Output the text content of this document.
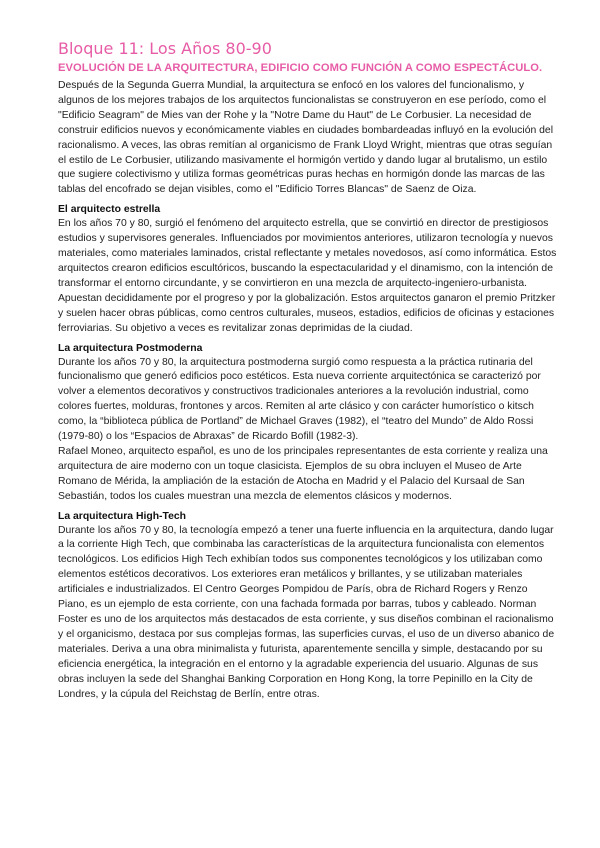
Bloque 11: Los Años 80-90
EVOLUCIÓN DE LA ARQUITECTURA, EDIFICIO COMO FUNCIÓN A COMO ESPECTÁCULO.

Después de la Segunda Guerra Mundial, la arquitectura se enfocó en los valores del funcionalismo, y algunos de los mejores trabajos de los arquitectos funcionalistas se construyeron en ese período, como el "Edificio Seagram" de Mies van der Rohe y la "Notre Dame du Haut" de Le Corbusier. La necesidad de construir edificios nuevos y económicamente viables en ciudades bombardeadas influyó en la evolución del racionalismo. A veces, las obras remitían al organicismo de Frank Lloyd Wright, mientras que otras seguían el estilo de Le Corbusier, utilizando masivamente el hormigón vertido y dando lugar al brutalismo, un estilo que sugiere colectivismo y utiliza formas geométricas puras hechas en hormigón donde las marcas de las tablas del encofrado se dejan visibles, como el "Edificio Torres Blancas" de Saenz de Oiza.

El arquitecto estrella

En los años 70 y 80, surgió el fenómeno del arquitecto estrella, que se convirtió en director de prestigiosos estudios y supervisores generales. Influenciados por movimientos anteriores, utilizaron tecnología y nuevos materiales, como materiales laminados, cristal reflectante y metales novedosos, así como informática. Estos arquitectos crearon edificios escultóricos, buscando la espectacularidad y el dinamismo, con la intención de transformar el entorno circundante, y se convirtieron en una mezcla de arquitecto-ingeniero-urbanista. Apuestan decididamente por el progreso y por la globalización. Estos arquitectos ganaron el premio Pritzker y suelen hacer obras públicas, como centros culturales, museos, estadios, edificios de oficinas y estaciones ferroviarias. Su objetivo a veces es revitalizar zonas deprimidas de la ciudad.

La arquitectura Postmoderna

Durante los años 70 y 80, la arquitectura postmoderna surgió como respuesta a la práctica rutinaria del funcionalismo que generó edificios poco estéticos. Esta nueva corriente arquitectónica se caracterizó por volver a elementos decorativos y constructivos tradicionales anteriores a la revolución industrial, como colores fuertes, molduras, frontones y arcos. Remiten al arte clásico y con carácter humorístico o kitsch como, la “biblioteca pública de Portland” de Michael Graves (1982), el “teatro del Mundo” de Aldo Rossi (1979-80) o los “Espacios de Abraxas” de Ricardo Bofill (1982-3).

Rafael Moneo, arquitecto español, es uno de los principales representantes de esta corriente y realiza una arquitectura de aire moderno con un toque clasicista. Ejemplos de su obra incluyen el Museo de Arte Romano de Mérida, la ampliación de la estación de Atocha en Madrid y el Palacio del Kursaal de San Sebastián, todos los cuales muestran una mezcla de elementos clásicos y modernos.

La arquitectura High-Tech

Durante los años 70 y 80, la tecnología empezó a tener una fuerte influencia en la arquitectura, dando lugar a la corriente High Tech, que combinaba las características de la arquitectura funcionalista con elementos tecnológicos. Los edificios High Tech exhibían todos sus componentes tecnológicos y los utilizaban como elementos estéticos decorativos. Los exteriores eran metálicos y brillantes, y se utilizaban materiales artificiales e industrializados. El Centro Georges Pompidou de París, obra de Richard Rogers y Renzo Piano, es un ejemplo de esta corriente, con una fachada formada por barras, tubos y cableado. Norman Foster es uno de los arquitectos más destacados de esta corriente, y sus diseños combinan el racionalismo y el organicismo, destaca por sus complejas formas, las superficies curvas, el uso de un diverso abanico de materiales. Deriva a una obra minimalista y futurista, aparentemente sencilla y simple, destacando por su eficiencia energética, la integración en el entorno y la agradable experiencia del usuario. Algunas de sus obras incluyen la sede del Shanghai Banking Corporation en Hong Kong, la torre Pepinillo en la City de Londres, y la cúpula del Reichstag de Berlín, entre otras.
